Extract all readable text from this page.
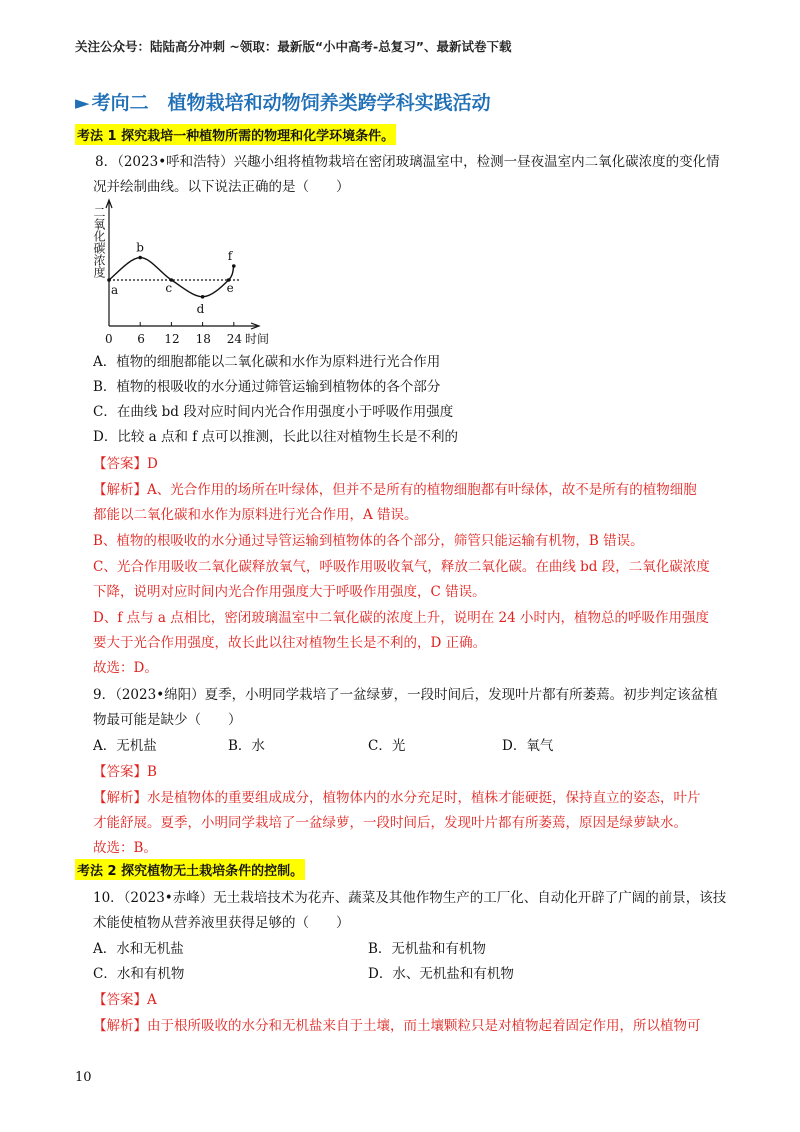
关注公众号：陆陆高分冲刺 ~领取：最新版“小中高考-总复习”、最新试卷下载
► 考向二　植物栽培和动物饲养类跨学科实践活动
考法 1 探究栽培一种植物所需的物理和化学环境条件。
8．（2023•呼和浩特）兴趣小组将植物栽培在密闭玻璃温室中，检测一昼夜温室内二氧化碳浓度的变化情
况并绘制曲线。以下说法正确的是（　　）
二氧化碳浓度
时间
0 6 12 18 24
a
b
c
d
e
f
A．植物的细胞都能以二氧化碳和水作为原料进行光合作用
B．植物的根吸收的水分通过筛管运输到植物体的各个部分
C．在曲线 bd 段对应时间内光合作用强度小于呼吸作用强度
D．比较 a 点和 f 点可以推测，长此以往对植物生长是不利的
【答案】D
【解析】A、光合作用的场所在叶绿体，但并不是所有的植物细胞都有叶绿体，故不是所有的植物细胞
都能以二氧化碳和水作为原料进行光合作用，A 错误。
B、植物的根吸收的水分通过导管运输到植物体的各个部分，筛管只能运输有机物，B 错误。
C、光合作用吸收二氧化碳释放氧气，呼吸作用吸收氧气，释放二氧化碳。在曲线 bd 段，二氧化碳浓度
下降，说明对应时间内光合作用强度大于呼吸作用强度，C 错误。
D、f 点与 a 点相比，密闭玻璃温室中二氧化碳的浓度上升，说明在 24 小时内，植物总的呼吸作用强度
要大于光合作用强度，故长此以往对植物生长是不利的，D 正确。
故选：D。
9．（2023•绵阳）夏季，小明同学栽培了一盆绿萝，一段时间后，发现叶片都有所萎蔫。初步判定该盆植
物最可能是缺少（　　）
A．无机盐	B．水	C．光	D．氧气
【答案】B
【解析】水是植物体的重要组成成分，植物体内的水分充足时，植株才能硬挺，保持直立的姿态，叶片
才能舒展。夏季，小明同学栽培了一盆绿萝，一段时间后，发现叶片都有所萎蔫，原因是绿萝缺水。
故选：B。
考法 2 探究植物无土栽培条件的控制。
10．（2023•赤峰）无土栽培技术为花卉、蔬菜及其他作物生产的工厂化、自动化开辟了广阔的前景，该技
术能使植物从营养液里获得足够的（　　）
A．水和无机盐	B．无机盐和有机物
C．水和有机物	D．水、无机盐和有机物
【答案】A
【解析】由于根所吸收的水分和无机盐来自于土壤，而土壤颗粒只是对植物起着固定作用，所以植物可
10
